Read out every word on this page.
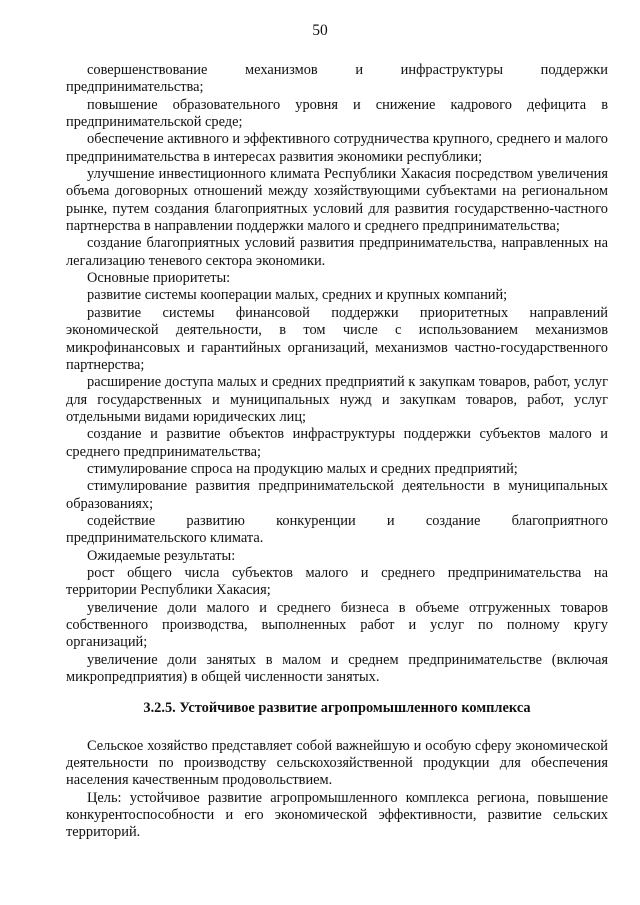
50

совершенствование механизмов и инфраструктуры поддержки предпринимательства;

повышение образовательного уровня и снижение кадрового дефицита в предпринимательской среде;

обеспечение активного и эффективного сотрудничества крупного, среднего и малого предпринимательства в интересах развития экономики республики;

улучшение инвестиционного климата Республики Хакасия посредством увеличения объема договорных отношений между хозяйствующими субъектами на региональном рынке, путем создания благоприятных условий для развития государственно-частного партнерства в направлении поддержки малого и среднего предпринимательства;

создание благоприятных условий развития предпринимательства, направленных на легализацию теневого сектора экономики.

Основные приоритеты:

развитие системы кооперации малых, средних и крупных компаний;

развитие системы финансовой поддержки приоритетных направлений экономической деятельности, в том числе с использованием механизмов микрофинансовых и гарантийных организаций, механизмов частно-государственного партнерства;

расширение доступа малых и средних предприятий к закупкам товаров, работ, услуг для государственных и муниципальных нужд и закупкам товаров, работ, услуг отдельными видами юридических лиц;

создание и развитие объектов инфраструктуры поддержки субъектов малого и среднего предпринимательства;

стимулирование спроса на продукцию малых и средних предприятий;

стимулирование развития предпринимательской деятельности в муниципальных образованиях;

содействие развитию конкуренции и создание благоприятного предпринимательского климата.

Ожидаемые результаты:

рост общего числа субъектов малого и среднего предпринимательства на территории Республики Хакасия;

увеличение доли малого и среднего бизнеса в объеме отгруженных товаров собственного производства, выполненных работ и услуг по полному кругу организаций;

увеличение доли занятых в малом и среднем предпринимательстве (включая микропредприятия) в общей численности занятых.

3.2.5. Устойчивое развитие агропромышленного комплекса

Сельское хозяйство представляет собой важнейшую и особую сферу экономической деятельности по производству сельскохозяйственной продукции для обеспечения населения качественным продовольствием.

Цель: устойчивое развитие агропромышленного комплекса региона, повышение конкурентоспособности и его экономической эффективности, развитие сельских территорий.
